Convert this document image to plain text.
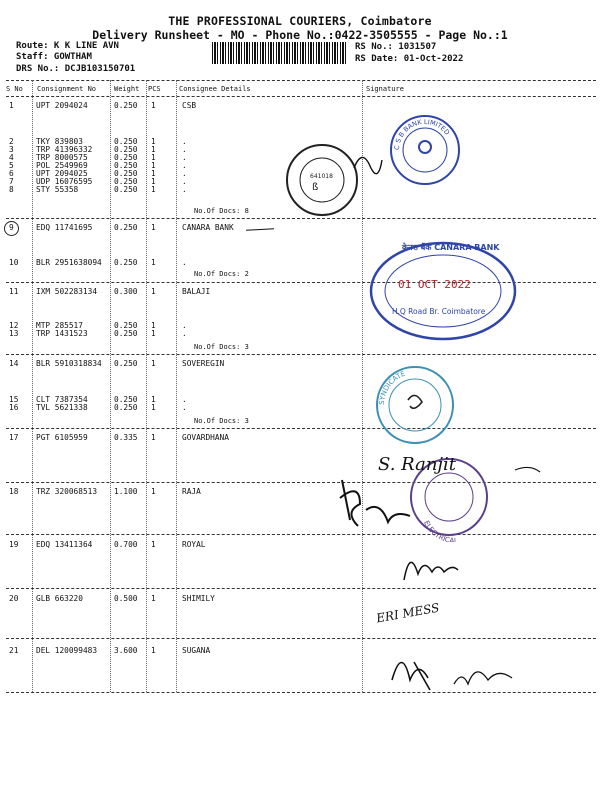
THE PROFESSIONAL COURIERS, Coimbatore
Delivery Runsheet - MO - Phone No.:0422-3505555 - Page No.:1
Route: K K LINE AVN
Staff: GOWTHAM
DRS No.: DCJB103150701
RS No.: 1031507
RS Date: 01-Oct-2022
S No Consignment No	Weight PCS	Consignee Details	Signature
1	UPT 2094024	0.250 1	CSB
2	TKY 839803	0.250 1	.
3	TRP 41396332	0.250 1	.
4	TRP 8000575	0.250 1	.
5	POL 2549969	0.250 1	.
6	UPT 2094025	0.250 1	.
7	UDP 16076595	0.250 1	.
8	STY 55358	0.250 1	.
9	EDQ 11741695	0.250 1	CANARA BANK
10 BLR 2951638094 0.250 1	.
11 IXM 502283134 0.300 1	BALAJI
12 MTP 285517	0.250 1	.
13 TRP 1431523	0.250 1	.
14 BLR 5910318834 0.250 1	SOVEREGIN
15 CLT 7387354	0.250 1	.
16 TVL 5621338	0.250 1	.
17 PGT 6105959	0.335 1	GOVARDHANA
18 TRZ 320068513 1.100 1	RAJA
19 EDQ 13411364	0.700 1	ROYAL
20 GLB 663220	0.500 1	SHIMILY
21 DEL 120099483 3.600 1	SUGANA
No.Of Docs: 8
No.Of Docs: 2
No.Of Docs: 3
No.Of Docs: 3
641018
ß
C S B BANK LIMITED
केनरा बैंक CANARA BANK
01 OCT 2022
H.Q Road Br. Coimbatore
SYNDICATE
ELECTRICAL
S. Ranjit
ERI MESS
